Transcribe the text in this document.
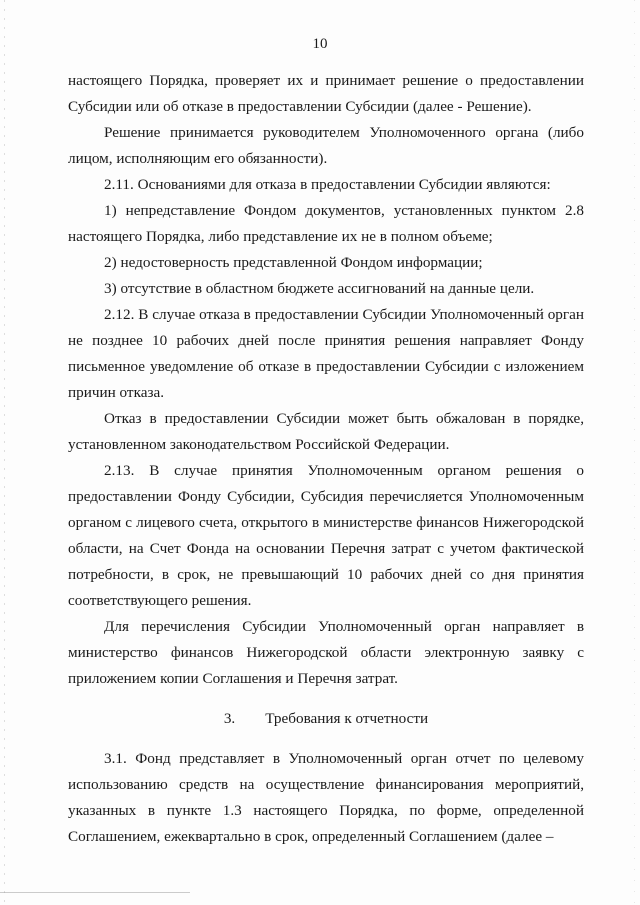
10

настоящего Порядка, проверяет их и принимает решение о предоставлении Субсидии или об отказе в предоставлении Субсидии (далее - Решение).

Решение принимается руководителем Уполномоченного органа (либо лицом, исполняющим его обязанности).

2.11. Основаниями для отказа в предоставлении Субсидии являются:

1) непредставление Фондом документов, установленных пунктом 2.8 настоящего Порядка, либо представление их не в полном объеме;

2) недостоверность представленной Фондом информации;

3) отсутствие в областном бюджете ассигнований на данные цели.

2.12. В случае отказа в предоставлении Субсидии Уполномоченный орган не позднее 10 рабочих дней после принятия решения направляет Фонду письменное уведомление об отказе в предоставлении Субсидии с изложением причин отказа.

Отказ в предоставлении Субсидии может быть обжалован в порядке, установленном законодательством Российской Федерации.

2.13. В случае принятия Уполномоченным органом решения о предоставлении Фонду Субсидии, Субсидия перечисляется Уполномоченным органом с лицевого счета, открытого в министерстве финансов Нижегородской области, на Счет Фонда на основании Перечня затрат с учетом фактической потребности, в срок, не превышающий 10 рабочих дней со дня принятия соответствующего решения.

Для перечисления Субсидии Уполномоченный орган направляет в министерство финансов Нижегородской области электронную заявку с приложением копии Соглашения и Перечня затрат.

3. Требования к отчетности

3.1. Фонд представляет в Уполномоченный орган отчет по целевому использованию средств на осуществление финансирования мероприятий, указанных в пункте 1.3 настоящего Порядка, по форме, определенной Соглашением, ежеквартально в срок, определенный Соглашением (далее –
